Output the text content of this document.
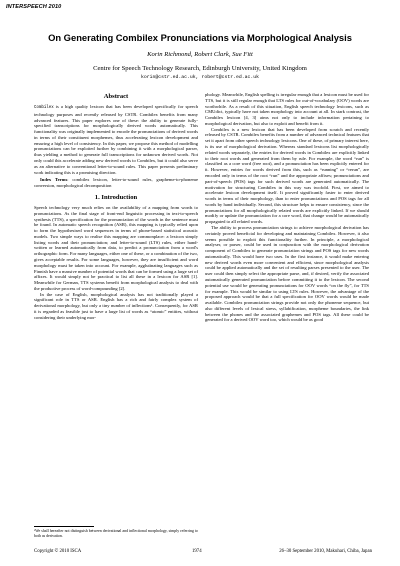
INTERSPEECH 2010
On Generating Combilex Pronunciations via Morphological Analysis
Korin Richmond, Robert Clark, Sue Fitt
Centre for Speech Technology Research, Edinburgh University, United Kingdom
korin@cstr.ed.ac.uk, robert@cstr.ed.ac.uk
Abstract

Combilex is a high quality lexicon that has been developed specifically for speech technology purposes and recently released by CSTR. Combilex benefits from many advanced features. This paper explores one of these: the ability to generate fully-specified transcriptions for morphologically derived words automatically. This functionality was originally implemented to encode the pronunciations of derived words in terms of their constituent morphemes, thus accelerating lexicon development and ensuring a high level of consistency. In this paper, we propose this method of modelling pronunciations can be exploited further by combining it with a morphological parser, thus yielding a method to generate full transcriptions for unknown derived words. Not only could this accelerate adding new derived words to Combilex, but it could also serve as an alternative to conventional letter-to-sound rules. This paper presents preliminary work indicating this is a promising direction.

Index Terms: combilex lexicon, letter-to-sound rules, grapheme-to-phoneme conversion, morphological decomposition

1. Introduction

Speech technology very much relies on the availability of a mapping from words to pronunciations. As the final stage of front-end linguistic processing in text-to-speech synthesis (TTS), a specification for the pronunciation of the words in the sentence must be found. In automatic speech recognition (ASR), this mapping is typically relied upon to form the hypothesised word sequences in terms of phone-based statistical acoustic models. Two simple ways to realise this mapping are commonplace: a lexicon simply listing words and their pronunciation; and letter-to-sound (LTS) rules, either hand-written or learned automatically from data, to predict a pronunciation from a word's orthographic form. For many languages, either one of these, or a combination of the two, gives acceptable results. For some languages, however, they are insufficient and word morphology must be taken into account. For example, agglutinating languages such as Finnish have a massive number of potential words that can be formed using a large set of affixes. It would simply not be practical to list all these in a lexicon for ASR [1]. Meanwhile for German, TTS systems benefit from morphological analysis to deal with the productive process of word-compounding [2].

In the case of English, morphological analysis has not traditionally played a significant role in TTS or ASR. English has a rich and fairly complex system of derivational morphology, but only a tiny number of inflections¹. Consequently, for ASR it is regarded as feasible just to have a large list of words as “atomic” entities, without considering their underlying mor-

phology. Meanwhile, English spelling is irregular enough that a lexicon must be used for TTS, but it is still regular enough that LTS rules for out-of-vocabulary (OOV) words are worthwhile. As a result of this situation, English speech technology lexicons, such as CMUdict, typically have not taken morphology into account at all. In stark contrast, the Combilex lexicon [4, 3] aims not only to include information pertaining to morphological derivation, but also to exploit and benefit from it.

Combilex is a new lexicon that has been developed from scratch and recently released by CSTR. Combilex benefits from a number of advanced technical features that set it apart from other speech technology lexicons. One of these, of primary interest here, is its use of morphological derivation. Whereas standard lexicons list morphologically related words separately, the entries for derived words in Combilex are explicitly linked to their root words and generated from them by rule. For example, the word “run” is classified as a core word (free root), and a pronunciation has been explicitly entered for it. However, entries for words derived from this, such as “running” or “rerun”, are encoded only in terms of the root “run” and the appropriate affixes; pronunciations and part-of-speech (POS) tags for such derived words are generated automatically. The motivation for structuring Combilex in this way was twofold. First, we aimed to accelerate lexicon development itself. It proved significantly faster to enter derived words in terms of their morphology, than to enter pronunciations and POS tags for all words by hand individually. Second, this structure helps to ensure consistency, since the pronunciations for all morphologically related words are explicitly linked. If we should modify or update the pronunciation for a core word, that change would be automatically propagated to all related words.

The ability to process pronunciation strings to achieve morphological derivation has certainly proved beneficial for developing and maintaining Combilex. However, it also seems possible to exploit this functionality further. In principle, a morphological analyser, or parser, could be used in conjunction with the morphological derivation component of Combilex to generate pronunciation strings and POS tags for new words automatically. This would have two uses. In the first instance, it would make entering new derived words even more convenient and efficient, since morphological analysis could be applied automatically and the set of resulting parses presented to the user. The user could then simply select the appropriate parse, and, if desired, verify the associated automatically generated pronunciation before committing it to the lexicon. The second potential use would be generating pronunciations for OOV words “on the fly”, for TTS for example. This would be similar to using LTS rules. However, the advantage of the proposed approach would be that a full specification for OOV words would be made available. Combilex pronunciation strings provide not only the phoneme sequence, but also different levels of lexical stress, syllabification, morpheme boundaries, the link between the phones and the associated graphemes and POS tags. All these could be generated for a derived OOV word too, which would be as good

¹We shall hereafter not distinguish between derivational and inflectional morphology, simply referring to both as derivation.
Copyright © 2010 ISCA	1974	26–30 September 2010, Makuhari, Chiba, Japan
